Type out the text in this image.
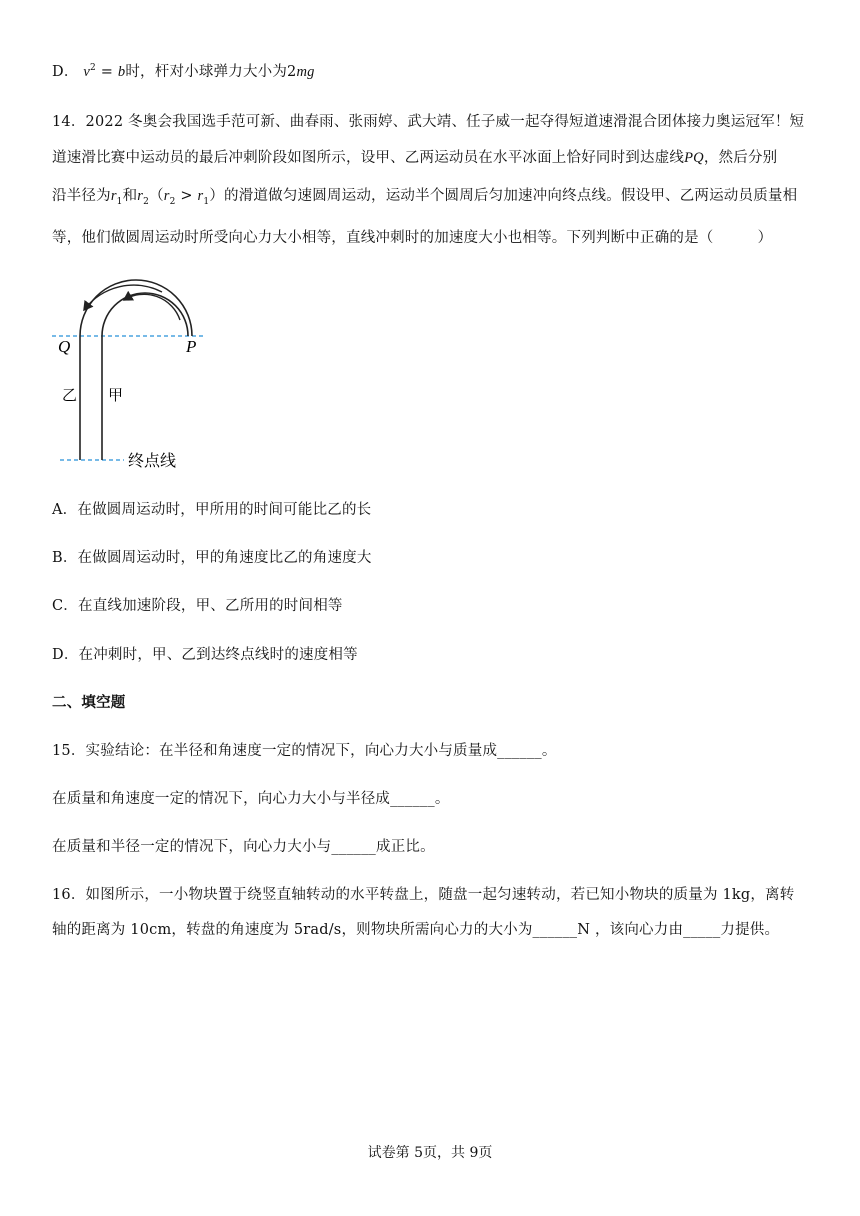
D． $v^2 = b$时，杆对小球弹力大小为2mg
14．2022 冬奥会我国选手范可新、曲春雨、张雨婷、武大靖、任子威一起夺得短道速滑混合团体接力奥运冠军！短
道速滑比赛中运动员的最后冲刺阶段如图所示，设甲、乙两运动员在水平冰面上恰好同时到达虚线PQ，然后分别
沿半径为$r_1$和$r_2(r_2 > r_1)$的滑道做匀速圆周运动，运动半个圆周后匀加速冲向终点线。假设甲、乙两运动员质量相
等，他们做圆周运动时所受向心力大小相等，直线冲刺时的加速度大小也相等。下列判断中正确的是（　　　）
Q	P
乙 甲
终点线
A．在做圆周运动时，甲所用的时间可能比乙的长
B．在做圆周运动时，甲的角速度比乙的角速度大
C．在直线加速阶段，甲、乙所用的时间相等
D．在冲刺时，甲、乙到达终点线时的速度相等
二、填空题
15．实验结论：在半径和角速度一定的情况下，向心力大小与质量成______。
在质量和角速度一定的情况下，向心力大小与半径成______。
在质量和半径一定的情况下，向心力大小与______成正比。
16．如图所示，一小物块置于绕竖直轴转动的水平转盘上，随盘一起匀速转动，若已知小物块的质量为 1kg，离转
轴的距离为 10cm，转盘的角速度为 5rad/s，则物块所需向心力的大小为______N ，该向心力由_____力提供。
试卷第 5页，共 9页
